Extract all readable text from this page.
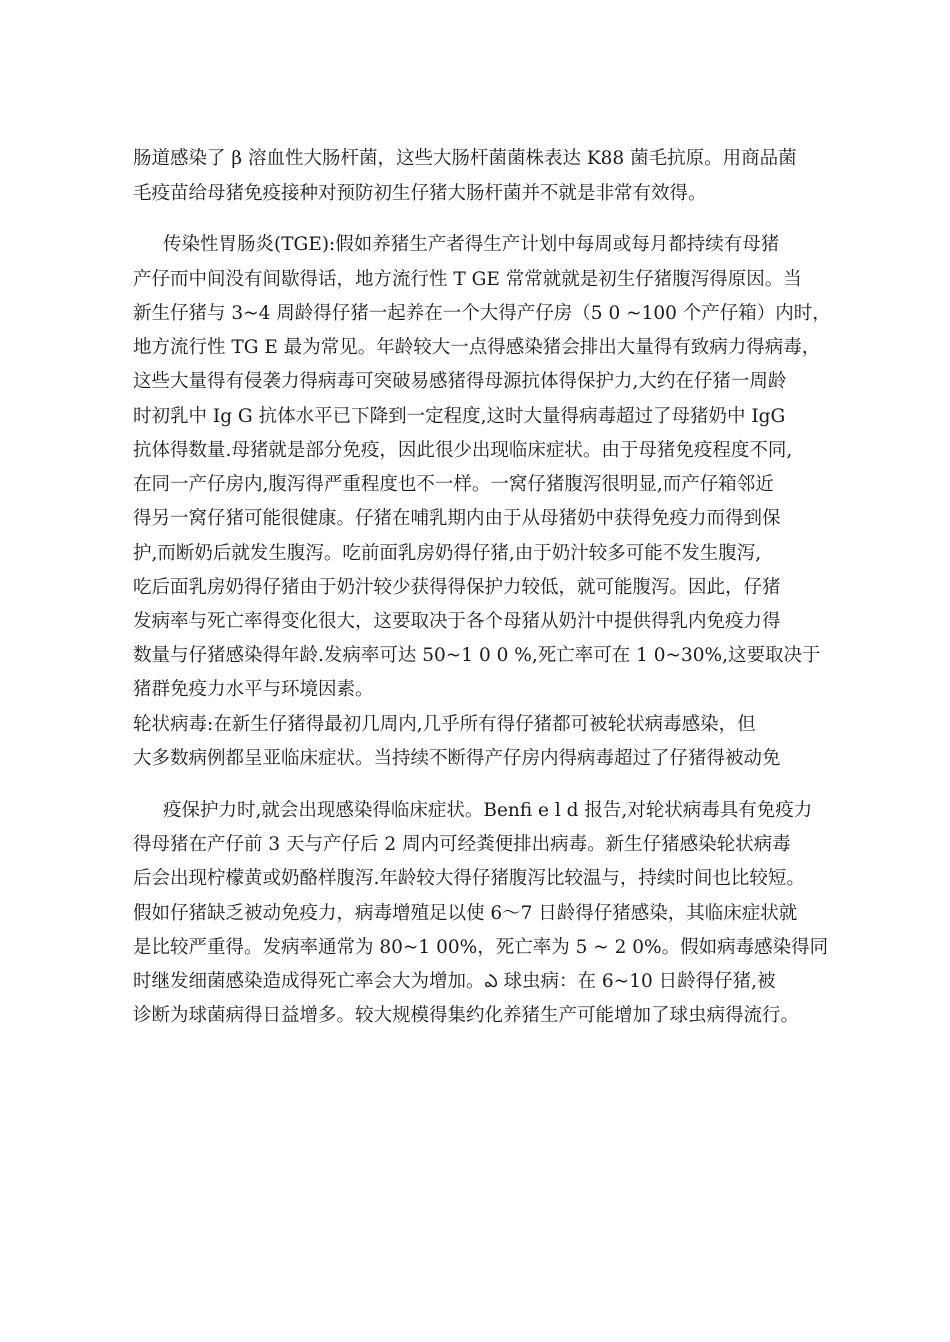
肠道感染了 β 溶血性大肠杆菌，这些大肠杆菌菌株表达 K88 菌毛抗原。用商品菌
毛疫苗给母猪免疫接种对预防初生仔猪大肠杆菌并不就是非常有效得。
传染性胃肠炎(TGE):假如养猪生产者得生产计划中每周或每月都持续有母猪
产仔而中间没有间歇得话，地方流行性 T GE 常常就就是初生仔猪腹泻得原因。当
新生仔猪与 3~4 周龄得仔猪一起养在一个大得产仔房（5 0 ~100 个产仔箱）内时，
地方流行性 TG E 最为常见。年龄较大一点得感染猪会排出大量得有致病力得病毒，
这些大量得有侵袭力得病毒可突破易感猪得母源抗体得保护力,大约在仔猪一周龄
时初乳中 Ig G 抗体水平已下降到一定程度,这时大量得病毒超过了母猪奶中 IgG
抗体得数量.母猪就是部分免疫，因此很少出现临床症状。由于母猪免疫程度不同,
在同一产仔房内,腹泻得严重程度也不一样。一窝仔猪腹泻很明显,而产仔箱邻近
得另一窝仔猪可能很健康。仔猪在哺乳期内由于从母猪奶中获得免疫力而得到保
护,而断奶后就发生腹泻。吃前面乳房奶得仔猪,由于奶汁较多可能不发生腹泻,
吃后面乳房奶得仔猪由于奶汁较少获得得保护力较低，就可能腹泻。因此，仔猪
发病率与死亡率得变化很大，这要取决于各个母猪从奶汁中提供得乳内免疫力得
数量与仔猪感染得年龄.发病率可达 50~1 0 0 %,死亡率可在 1 0~30%,这要取决于
猪群免疫力水平与环境因素。
轮状病毒:在新生仔猪得最初几周内,几乎所有得仔猪都可被轮状病毒感染，但
大多数病例都呈亚临床症状。当持续不断得产仔房内得病毒超过了仔猪得被动免
疫保护力时,就会出现感染得临床症状。Benfi e l d 报告,对轮状病毒具有免疫力
得母猪在产仔前 3 天与产仔后 2 周内可经粪便排出病毒。新生仔猪感染轮状病毒
后会出现柠檬黄或奶酪样腹泻.年龄较大得仔猪腹泻比较温与，持续时间也比较短。
假如仔猪缺乏被动免疫力，病毒增殖足以使 6～7 日龄得仔猪感染，其临床症状就
是比较严重得。发病率通常为 80~1 00%，死亡率为 5 ~ 2 0%。假如病毒感染得同
时继发细菌感染造成得死亡率会大为增加。ఎ 球虫病：在 6~10 日龄得仔猪,被
诊断为球菌病得日益增多。较大规模得集约化养猪生产可能增加了球虫病得流行。
